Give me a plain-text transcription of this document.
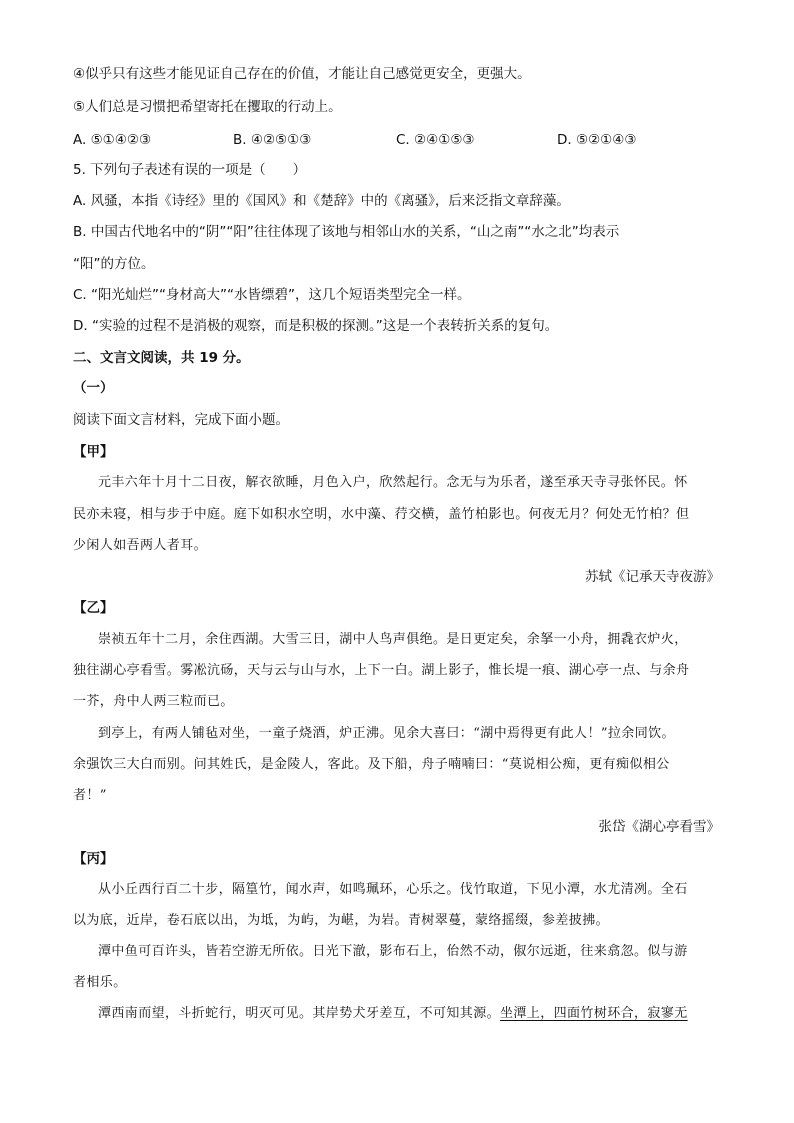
④似乎只有这些才能见证自己存在的价值，才能让自己感觉更安全，更强大。
⑤人们总是习惯把希望寄托在攫取的行动上。
A. ⑤①④②③	B. ④②⑤①③	C. ②④①⑤③	D. ⑤②①④③
5. 下列句子表述有误的一项是（　　）
A. 风骚，本指《诗经》里的《国风》和《楚辞》中的《离骚》，后来泛指文章辞藻。
B. 中国古代地名中的“阴”“阳”往往体现了该地与相邻山水的关系，“山之南”“水之北”均表示
“阳”的方位。
C. “阳光灿烂”“身材高大”“水皆缥碧”，这几个短语类型完全一样。
D. “实验的过程不是消极的观察，而是积极的探测。”这是一个表转折关系的复句。
二、文言文阅读，共 19 分。
（一）
阅读下面文言材料，完成下面小题。
【甲】
元丰六年十月十二日夜，解衣欲睡，月色入户，欣然起行。念无与为乐者，遂至承天寺寻张怀民。怀
民亦未寝，相与步于中庭。庭下如积水空明，水中藻、荇交横，盖竹柏影也。何夜无月？何处无竹柏？但
少闲人如吾两人者耳。
苏轼《记承天寺夜游》
【乙】
崇祯五年十二月，余住西湖。大雪三日，湖中人鸟声俱绝。是日更定矣，余拏一小舟，拥毳衣炉火，
独往湖心亭看雪。雾凇沆砀，天与云与山与水，上下一白。湖上影子，惟长堤一痕、湖心亭一点、与余舟
一芥，舟中人两三粒而已。
到亭上，有两人铺毡对坐，一童子烧酒，炉正沸。见余大喜曰：“湖中焉得更有此人！”拉余同饮。
余强饮三大白而别。问其姓氏，是金陵人，客此。及下船，舟子喃喃曰：“莫说相公痴，更有痴似相公
者！”
张岱《湖心亭看雪》
【丙】
从小丘西行百二十步，隔篁竹，闻水声，如鸣珮环，心乐之。伐竹取道，下见小潭，水尤清冽。全石
以为底，近岸，卷石底以出，为坻，为屿，为嵁，为岩。青树翠蔓，蒙络摇缀，参差披拂。
潭中鱼可百许头，皆若空游无所依。日光下澈，影布石上，佁然不动，俶尔远逝，往来翕忽。似与游
者相乐。
潭西南而望，斗折蛇行，明灭可见。其岸势犬牙差互，不可知其源。坐潭上，四面竹树环合，寂寥无
